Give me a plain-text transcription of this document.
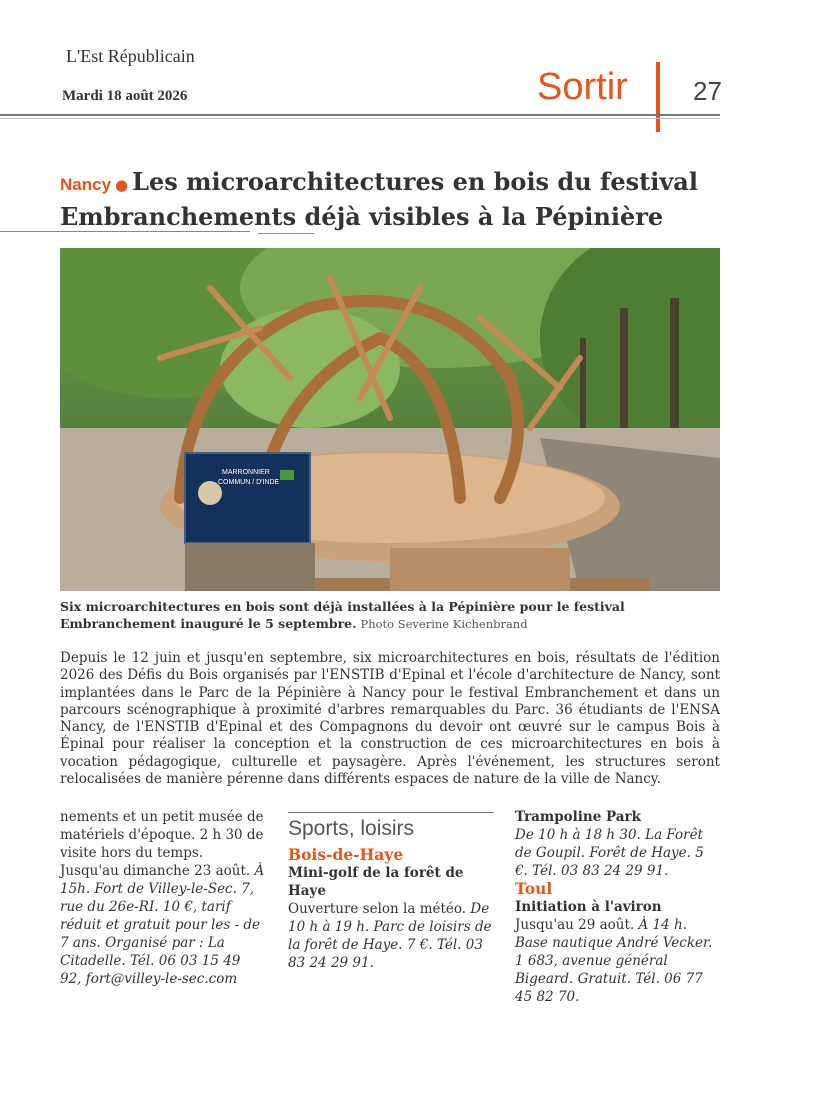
L'Est Républicain
Mardi 18 août 2026	Sortir	27
Nancy ● Les microarchitectures en bois du festival Embranchements déjà visibles à la Pépinière
MARRONNIER
COMMUN / D'INDE
Six microarchitectures en bois sont déjà installées à la Pépinière pour le festival Embranchement inauguré le 5 septembre. Photo Severine Kichenbrand
Depuis le 12 juin et jusqu'en septembre, six microarchitectures en bois, résultats de l'édition 2026 des Défis du Bois organisés par l'ENSTIB d'Epinal et l'école d'architecture de Nancy, sont implantées dans le Parc de la Pépinière à Nancy pour le festival Embranchement et dans un parcours scénographique à proximité d'arbres remarquables du Parc. 36 étudiants de l'ENSA Nancy, de l'ENSTIB d'Epinal et des Compagnons du devoir ont œuvré sur le campus Bois à Épinal pour réaliser la conception et la construction de ces microarchitectures en bois à vocation pédagogique, culturelle et paysagère. Après l'événement, les structures seront relocalisées de manière pérenne dans différents espaces de nature de la ville de Nancy.
nements et un petit musée de matériels d'époque. 2 h 30 de visite hors du temps. Jusqu'au dimanche 23 août. À 15h. Fort de Villey-le-Sec. 7, rue du 26e-RI. 10 €, tarif réduit et gratuit pour les - de 7 ans. Organisé par : La Citadelle. Tél. 06 03 15 49 92, fort@villey-le-sec.com
Sports, loisirs
Bois-de-Haye
Mini-golf de la forêt de Haye
Ouverture selon la météo. De 10 h à 19 h. Parc de loisirs de la forêt de Haye. 7 €. Tél. 03 83 24 29 91.
Trampoline Park
De 10 h à 18 h 30. La Forêt de Goupil. Forêt de Haye. 5 €. Tél. 03 83 24 29 91.
Toul
Initiation à l'aviron
Jusqu'au 29 août. À 14 h. Base nautique André Vecker. 1 683, avenue général Bigeard. Gratuit. Tél. 06 77 45 82 70.
